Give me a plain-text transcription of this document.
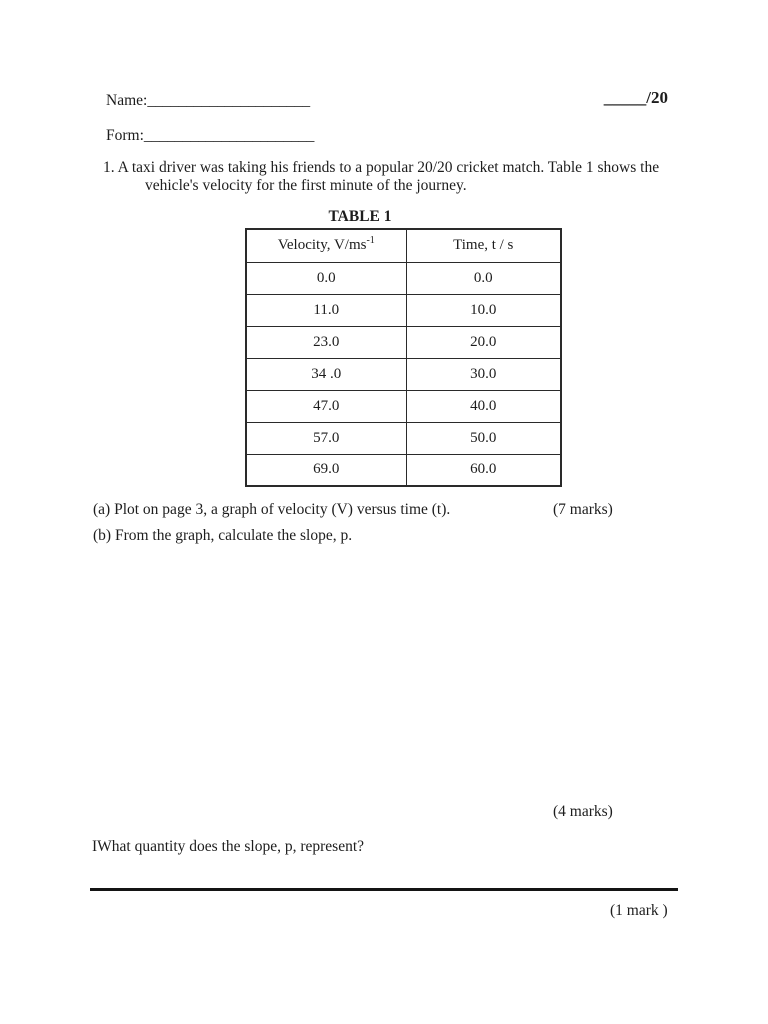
Name:_____________________	_____/20
Form:______________________
1. A taxi driver was taking his friends to a popular 20/20 cricket match. Table 1 shows the
vehicle's velocity for the first minute of the journey.
TABLE 1
Velocity, $V/ms^{-1}$	Time, t / s
0.0	0.0
11.0	10.0
23.0	20.0
34 .0	30.0
47.0	40.0
57.0	50.0
69.0	60.0
(a) Plot on page 3, a graph of velocity (V) versus time (t).	(7 marks)
(b) From the graph, calculate the slope, p.
(4 marks)
IWhat quantity does the slope, p, represent?
(1 mark )
